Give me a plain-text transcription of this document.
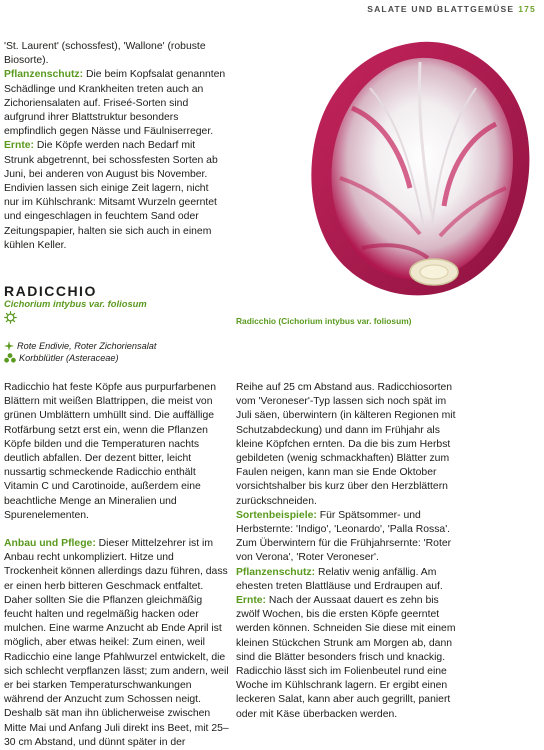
SALATE UND BLATTGEMÜSE 175

'St. Laurent' (schossfest), 'Wallone' (robuste Biosorte).

Pflanzenschutz: Die beim Kopfsalat genannten Schädlinge und Krankheiten treten auch an Zichoriensalaten auf. Friseé-Sorten sind aufgrund ihrer Blattstruktur besonders empfindlich gegen Nässe und Fäulniserreger.

Ernte: Die Köpfe werden nach Bedarf mit Strunk abgetrennt, bei schossfesten Sorten ab Juni, bei anderen von August bis November. Endivien lassen sich einige Zeit lagern, nicht nur im Kühlschrank: Mitsamt Wurzeln geerntet und eingeschlagen in feuchtem Sand oder Zeitungspapier, halten sie sich auch in einem kühlen Keller.

RADICCHIO
Cichorium intybus var. foliosum
Radicchio (Cichorium intybus var. foliosum)
Rote Endivie, Roter Zichoriensalat
Korbblütler (Asteraceae)

Radicchio hat feste Köpfe aus purpurfarbenen Blättern mit weißen Blattrippen, die meist von grünen Umblättern umhüllt sind. Die auffällige Rotfärbung setzt erst ein, wenn die Pflanzen Köpfe bilden und die Temperaturen nachts deutlich abfallen. Der dezent bitter, leicht nussartig schmeckende Radicchio enthält Vitamin C und Carotinoide, außerdem eine beachtliche Menge an Mineralien und Spurenelementen.

Anbau und Pflege: Dieser Mittelzehrer ist im Anbau recht unkompliziert. Hitze und Trockenheit können allerdings dazu führen, dass er einen herb bitteren Geschmack entfaltet. Daher sollten Sie die Pflanzen gleichmäßig feucht halten und regelmäßig hacken oder mulchen. Eine warme Anzucht ab Ende April ist möglich, aber etwas heikel: Zum einen, weil Radicchio eine lange Pfahlwurzel entwickelt, die sich schlecht verpflanzen lässt; zum andern, weil er bei starken Temperaturschwankungen während der Anzucht zum Schossen neigt. Deshalb sät man ihn üblicherweise zwischen Mitte Mai und Anfang Juli direkt ins Beet, mit 25–30 cm Abstand, und dünnt später in der

Reihe auf 25 cm Abstand aus. Radicchiosorten vom 'Veroneser'-Typ lassen sich noch spät im Juli säen, überwintern (in kälteren Regionen mit Schutzabdeckung) und dann im Frühjahr als kleine Köpfchen ernten. Da die bis zum Herbst gebildeten (wenig schmackhaften) Blätter zum Faulen neigen, kann man sie Ende Oktober vorsichtshalber bis kurz über den Herzblättern zurückschneiden.

Sortenbeispiele: Für Spätsommer- und Herbsternte: 'Indigo', 'Leonardo', 'Palla Rossa'. Zum Überwintern für die Frühjahrsernte: 'Roter von Verona', 'Roter Veroneser'.

Pflanzenschutz: Relativ wenig anfällig. Am ehesten treten Blattläuse und Erdraupen auf.

Ernte: Nach der Aussaat dauert es zehn bis zwölf Wochen, bis die ersten Köpfe geerntet werden können. Schneiden Sie diese mit einem kleinen Stückchen Strunk am Morgen ab, dann sind die Blätter besonders frisch und knackig. Radicchio lässt sich im Folienbeutel rund eine Woche im Kühlschrank lagern. Er ergibt einen leckeren Salat, kann aber auch gegrillt, paniert oder mit Käse überbacken werden.
